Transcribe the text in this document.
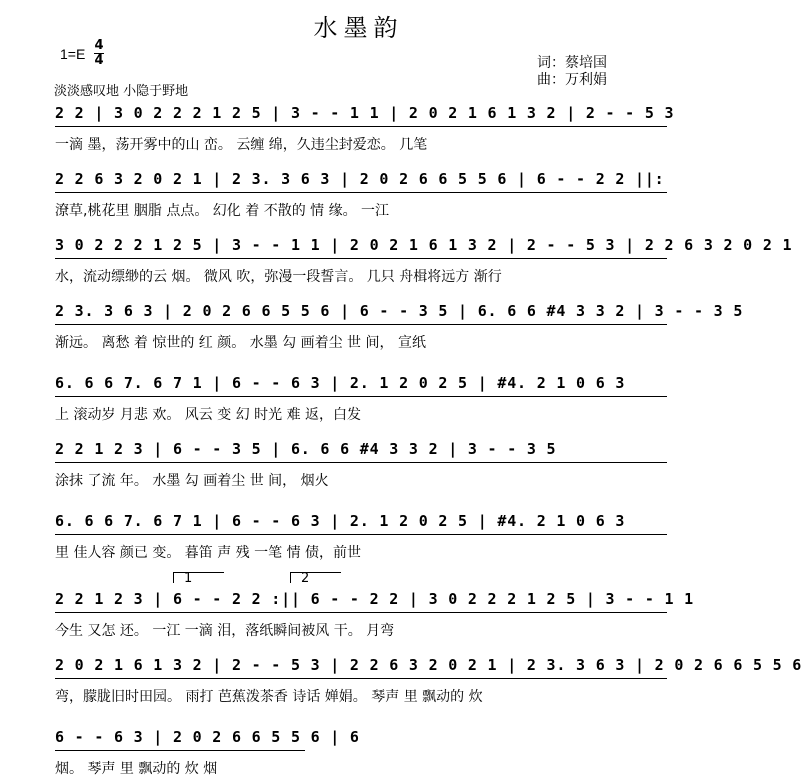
水墨韵
1=E
4
4
淡淡感叹地 小隐于野地
词：蔡培国
曲：万利娟
2 2 | 3 0 2 2 2 1 2 5 | 3 - - 1 1 | 2 0 2 1 6 1 3 2 | 2 - - 5 3
一滴 墨，荡开雾中的山 峦。 云缠 绵，久违尘封爱恋。 几笔
2 2 6 3 2 0 2 1 | 2 3. 3 6 3 | 2 0 2 6 6 5 5 6 | 6 - - 2 2 ||:
潦草,桃花里 胭脂 点点。 幻化 着 不散的 情 缘。 一江
3 0 2 2 2 1 2 5 | 3 - - 1 1 | 2 0 2 1 6 1 3 2 | 2 - - 5 3 | 2 2 6 3 2 0 2 1
水，流动缥缈的云 烟。 微风 吹，弥漫一段誓言。 几只 舟楫将远方 渐行
2 3. 3 6 3 | 2 0 2 6 6 5 5 6 | 6 - - 3 5 | 6. 6 6 #4 3 3 2 | 3 - - 3 5
渐远。 离愁 着 惊世的 红 颜。 水墨 勾 画着尘 世 间， 宣纸
6. 6 6 7. 6 7 1 | 6 - - 6 3 | 2. 1 2 0 2 5 | #4. 2 1 0 6 3
上 滚动岁 月悲 欢。 风云 变 幻 时光 难 返，白发
2 2 1 2 3 | 6 - - 3 5 | 6. 6 6 #4 3 3 2 | 3 - - 3 5
涂抹 了流 年。 水墨 勾 画着尘 世 间， 烟火
6. 6 6 7. 6 7 1 | 6 - - 6 3 | 2. 1 2 0 2 5 | #4. 2 1 0 6 3
里 佳人容 颜已 变。 暮笛 声 残 一笔 情 债，前世
1	2
2 2 1 2 3 | 6 - - 2 2 :|| 6 - - 2 2 | 3 0 2 2 2 1 2 5 | 3 - - 1 1
今生 又怎 还。 一江 一滴 泪，落纸瞬间被风 干。 月弯
2 0 2 1 6 1 3 2 | 2 - - 5 3 | 2 2 6 3 2 0 2 1 | 2 3. 3 6 3 | 2 0 2 6 6 5 5 6
弯，朦胧旧时田园。 雨打 芭蕉泼茶香 诗话 婵娟。 琴声 里 飘动的 炊
6 - - 6 3 | 2 0 2 6 6 5 5 6 | 6
烟。 琴声 里 飘动的 炊 烟
